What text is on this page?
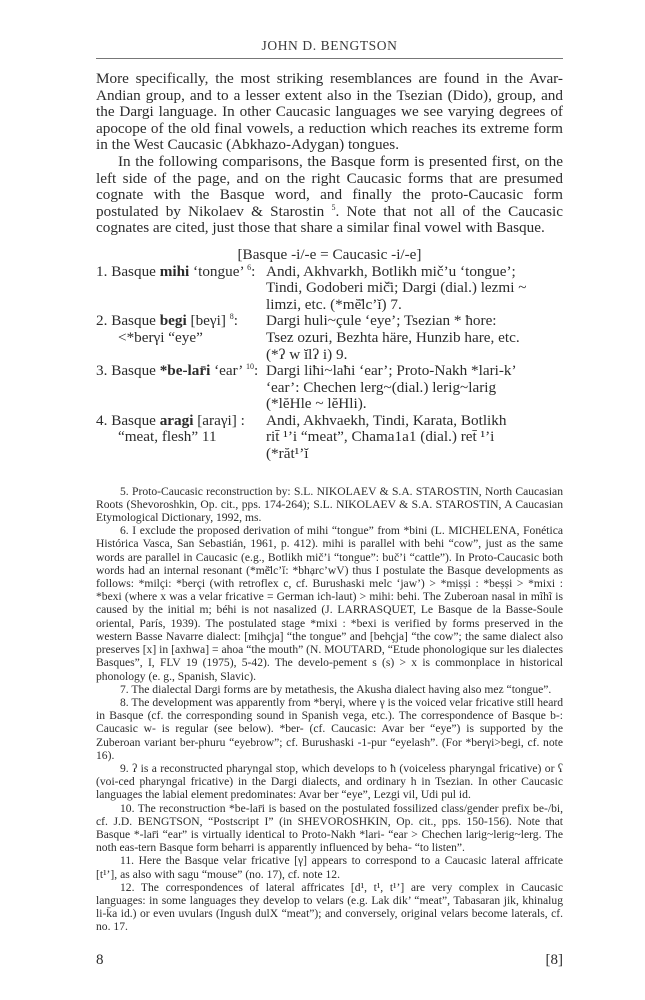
JOHN D. BENGTSON

More specifically, the most striking resemblances are found in the Avar-Andian group, and to a lesser extent also in the Tsezian (Dido), group, and the Dargi language. In other Caucasic languages we see varying degrees of apocope of the old final vowels, a reduction which reaches its extreme form in the West Caucasic (Abkhazo-Adygan) tongues.

In the following comparisons, the Basque form is presented first, on the left side of the page, and on the right Caucasic forms that are presumed cognate with the Basque word, and finally the proto-Caucasic form postulated by Nikolaev & Starostin $^5$. Note that not all of the Caucasic cognates are cited, just those that share a similar final vowel with Basque.

[Basque -i/-e = Caucasic -i/-e]

1. Basque mihi ‘tongue’ $^6$: Andi, Akhvarkh, Botlikh mič’u ‘tongue’;
Tindi, Godoberi mič̄i; Dargi (dial.) lezmi ~
limzi, etc. (*mĕ̄lc’ĭ) 7.
2. Basque begi [beγi] $^8$:
<*berγi “eye”
Dargi huli~çule ‘eye’; Tsezian * ħore:
Tsez ozuri, Bezhta häre, Hunzib hare, etc.
(*ʔ w ĭlʔ i) 9.
3. Basque *be-lar̄i ‘ear’ $^{10}$: Dargi liħi~laħi ‘ear’; Proto-Nakh *lari-k’
‘ear’: Chechen lerg~(dial.) lerig~larig
(*lĕHle ~ lĕHli).
4. Basque aragi [araγi] :
“meat, flesh” 11
Andi, Akhvaekh, Tindi, Karata, Botlikh
rit̄ ¹’i “meat”, Chama1a1 (dial.) ret̄ ¹’i
(*răt¹’ĭ

5. Proto-Caucasic reconstruction by: S.L. NIKOLAEV & S.A. STAROSTIN, North Caucasian Roots (Shevoroshkin, Op. cit., pps. 174-264); S.L. NIKOLAEV & S.A. STAROSTIN, A Caucasian Etymological Dictionary, 1992, ms.

6. I exclude the proposed derivation of mihi “tongue” from *bini (L. MICHELENA, Fonética Histórica Vasca, San Sebastián, 1961, p. 412). mihi is parallel with behi “cow”, just as the same words are parallel in Caucasic (e.g., Botlikh mič’i “tongue”: buč’i “cattle”). In Proto-Caucasic both words had an internal resonant (*mĕ̄lc’ĭ: *bhạrc’wV) thus I postulate the Basque developments as follows: *milçi: *berçi (with retroflex c, cf. Burushaski melc ‘jaw’) > *miṣṣi : *beṣṣi > *mixi : *bexi (where x was a velar fricative = German ich-laut) > mihi: behi. The Zuberoan nasal in mĩhĩ is caused by the initial m; béhi is not nasalized (J. LARRASQUET, Le Basque de la Basse-Soule oriental, París, 1939). The postulated stage *mixi : *bexi is verified by forms preserved in the western Basse Navarre dialect: [mihçja] “the tongue” and [behçja] “the cow”; the same dialect also preserves [x] in [axhwa] = ahoa “the mouth” (N. MOUTARD, “Etude phonologique sur les dialectes Basques”, I, FLV 19 (1975), 5-42). The develo-pement s (s) > x is commonplace in historical phonology (e. g., Spanish, Slavic).

7. The dialectal Dargi forms are by metathesis, the Akusha dialect having also mez “tongue”.

8. The development was apparently from *berγi, where γ is the voiced velar fricative still heard in Basque (cf. the corresponding sound in Spanish vega, etc.). The correspondence of Basque b-: Caucasic w- is regular (see below). *ber- (cf. Caucasic: Avar ber “eye”) is supported by the Zuberoan variant ber-phuru “eyebrow”; cf. Burushaski -1-pur “eyelash”. (For *berγi>begi, cf. note 16).

9. ʔ is a reconstructed pharyngal stop, which develops to ħ (voiceless pharyngal fricative) or ʕ (voi-ced pharyngal fricative) in the Dargi dialects, and ordinary h in Tsezian. In other Caucasic languages the labial element predominates: Avar ber “eye”, Lezgi vil, Udi pul id.

10. The reconstruction *be-lar̄i is based on the postulated fossilized class/gender prefix be-/bi, cf. J.D. BENGTSON, “Postscript I” (in SHEVOROSHKIN, Op. cit., pps. 150-156). Note that Basque *-lar̄i “ear” is virtually identical to Proto-Nakh *lari- “ear > Chechen larig~lerig~lerg. The noth eas-tern Basque form beharri is apparently influenced by beha- “to listen”.

11. Here the Basque velar fricative [γ] appears to correspond to a Caucasic lateral affricate [t¹’], as also with sagu “mouse” (no. 17), cf. note 12.

12. The correspondences of lateral affricates [d¹, t¹, t¹’] are very complex in Caucasic languages: in some languages they develop to velars (e.g. Lak dik’ “meat”, Tabasaran jik, khinalug li-k̄a id.) or even uvulars (Ingush dulX “meat”); and conversely, original velars become laterals, cf. no. 17.

8	[8]
